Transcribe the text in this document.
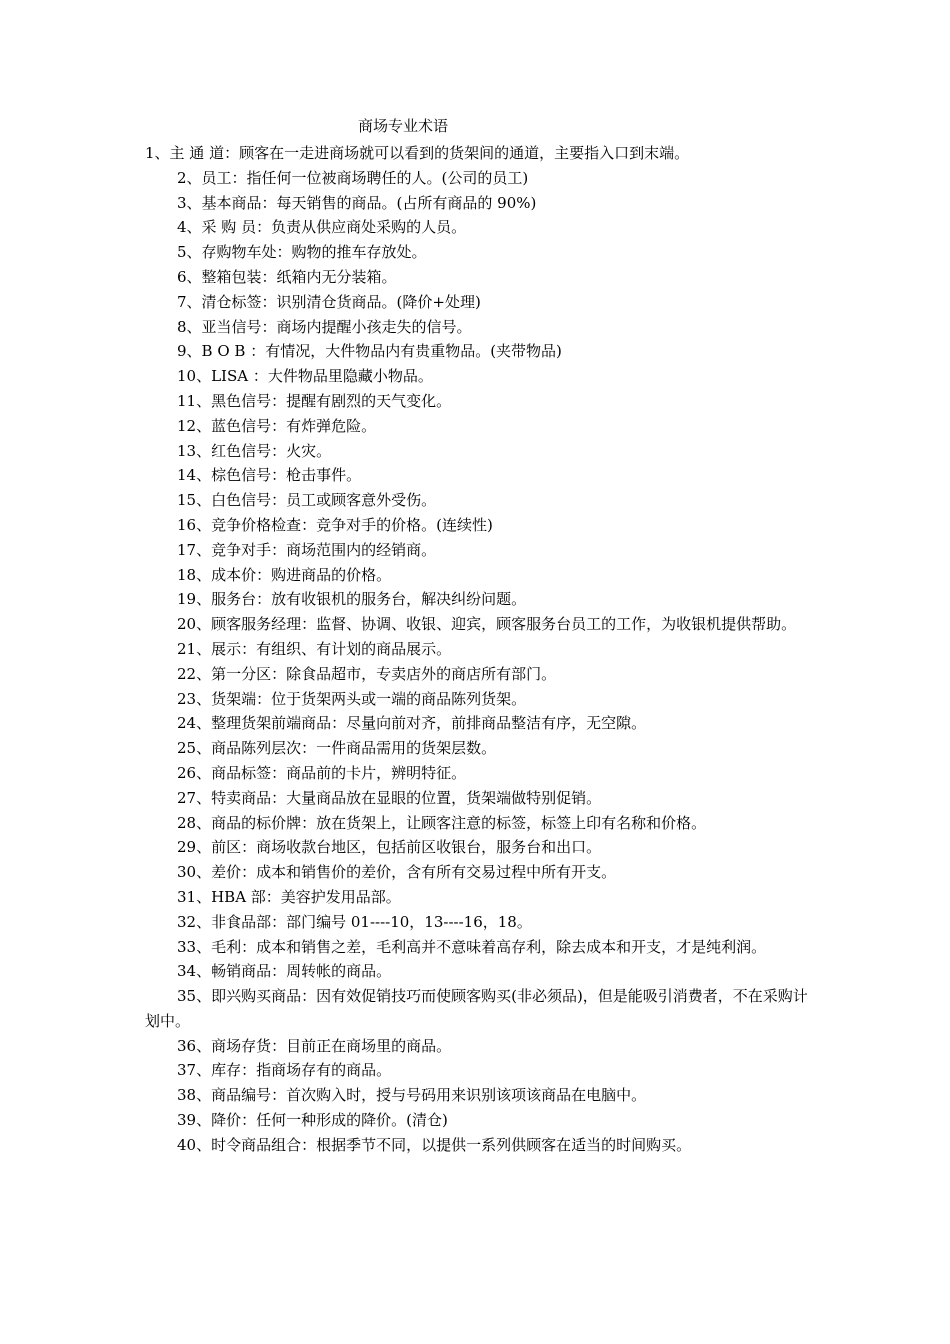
商场专业术语
1、主 通 道：顾客在一走进商场就可以看到的货架间的通道，主要指入口到末端。
2、员工：指任何一位被商场聘任的人。(公司的员工)
3、基本商品：每天销售的商品。(占所有商品的 90%)
4、采 购 员：负责从供应商处采购的人员。
5、存购物车处：购物的推车存放处。
6、整箱包装：纸箱内无分装箱。
7、清仓标签：识别清仓货商品。(降价+处理)
8、亚当信号：商场内提醒小孩走失的信号。
9、B O B ：有情况，大件物品内有贵重物品。(夹带物品)
10、LISA ：大件物品里隐藏小物品。
11、黑色信号：提醒有剧烈的天气变化。
12、蓝色信号：有炸弹危险。
13、红色信号：火灾。
14、棕色信号：枪击事件。
15、白色信号：员工或顾客意外受伤。
16、竞争价格检查：竞争对手的价格。(连续性)
17、竞争对手：商场范围内的经销商。
18、成本价：购进商品的价格。
19、服务台：放有收银机的服务台，解决纠纷问题。
20、顾客服务经理：监督、协调、收银、迎宾，顾客服务台员工的工作，为收银机提供帮助。
21、展示：有组织、有计划的商品展示。
22、第一分区：除食品超市，专卖店外的商店所有部门。
23、货架端：位于货架两头或一端的商品陈列货架。
24、整理货架前端商品：尽量向前对齐，前排商品整洁有序，无空隙。
25、商品陈列层次：一件商品需用的货架层数。
26、商品标签：商品前的卡片，辨明特征。
27、特卖商品：大量商品放在显眼的位置，货架端做特别促销。
28、商品的标价牌：放在货架上，让顾客注意的标签，标签上印有名称和价格。
29、前区：商场收款台地区，包括前区收银台，服务台和出口。
30、差价：成本和销售价的差价，含有所有交易过程中所有开支。
31、HBA 部：美容护发用品部。
32、非食品部：部门编号 01----10，13----16，18。
33、毛利：成本和销售之差，毛利高并不意味着高存利，除去成本和开支，才是纯利润。
34、畅销商品：周转帐的商品。
35、即兴购买商品：因有效促销技巧而使顾客购买(非必须品)，但是能吸引消费者，不在采购计划中。
36、商场存货：目前正在商场里的商品。
37、库存：指商场存有的商品。
38、商品编号：首次购入时，授与号码用来识别该项该商品在电脑中。
39、降价：任何一种形成的降价。(清仓)
40、时令商品组合：根据季节不同，以提供一系列供顾客在适当的时间购买。
